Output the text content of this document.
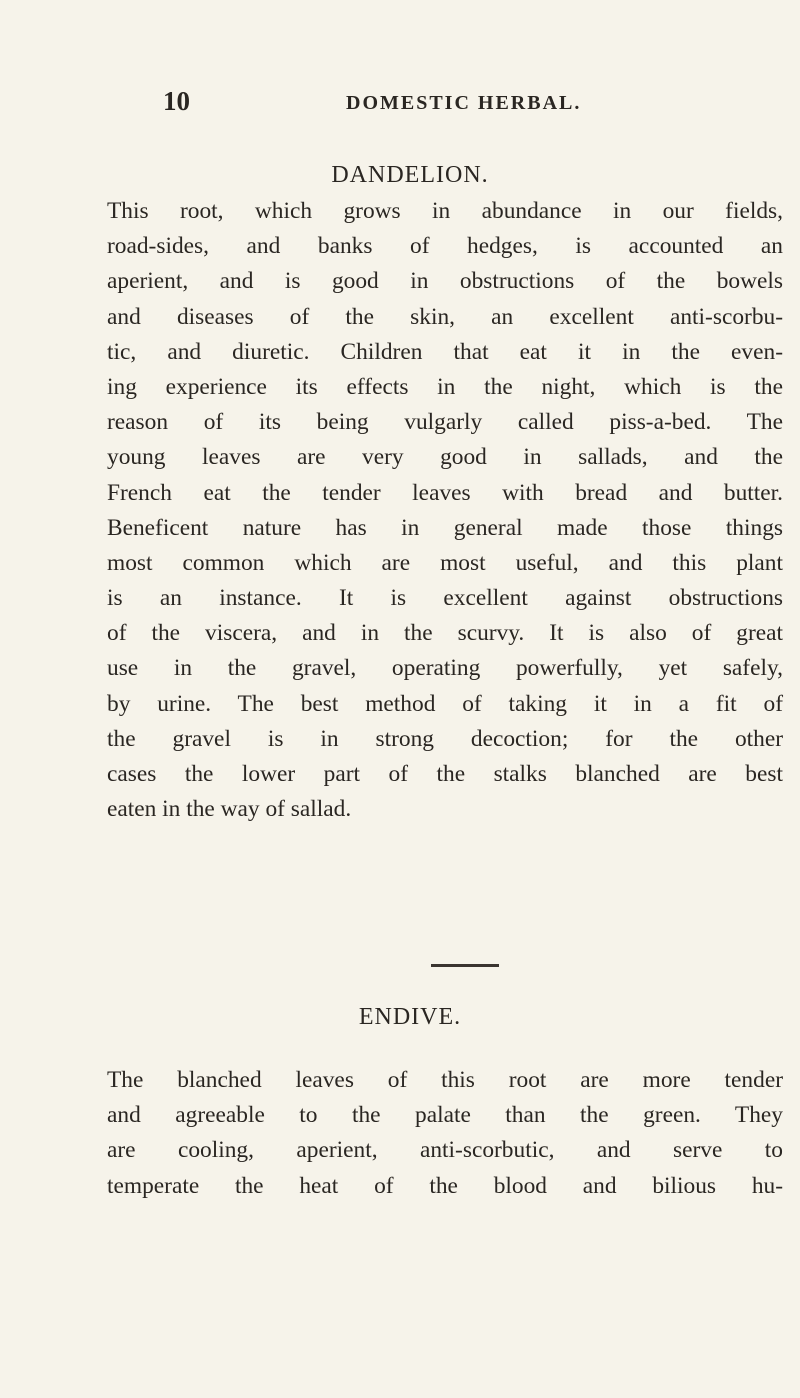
10	DOMESTIC HERBAL.
DANDELION.
This root, which grows in abundance in our fields,
road-sides, and banks of hedges, is accounted an
aperient, and is good in obstructions of the bowels
and diseases of the skin, an excellent anti-scorbu-
tic, and diuretic. Children that eat it in the even-
ing experience its effects in the night, which is the
reason of its being vulgarly called piss-a-bed. The
young leaves are very good in sallads, and the
French eat the tender leaves with bread and butter.
Beneficent nature has in general made those things
most common which are most useful, and this plant
is an instance. It is excellent against obstructions
of the viscera, and in the scurvy. It is also of great
use in the gravel, operating powerfully, yet safely,
by urine. The best method of taking it in a fit of
the gravel is in strong decoction; for the other
cases the lower part of the stalks blanched are best
eaten in the way of sallad.
ENDIVE.
The blanched leaves of this root are more tender
and agreeable to the palate than the green. They
are cooling, aperient, anti-scorbutic, and serve to
temperate the heat of the blood and bilious hu-
